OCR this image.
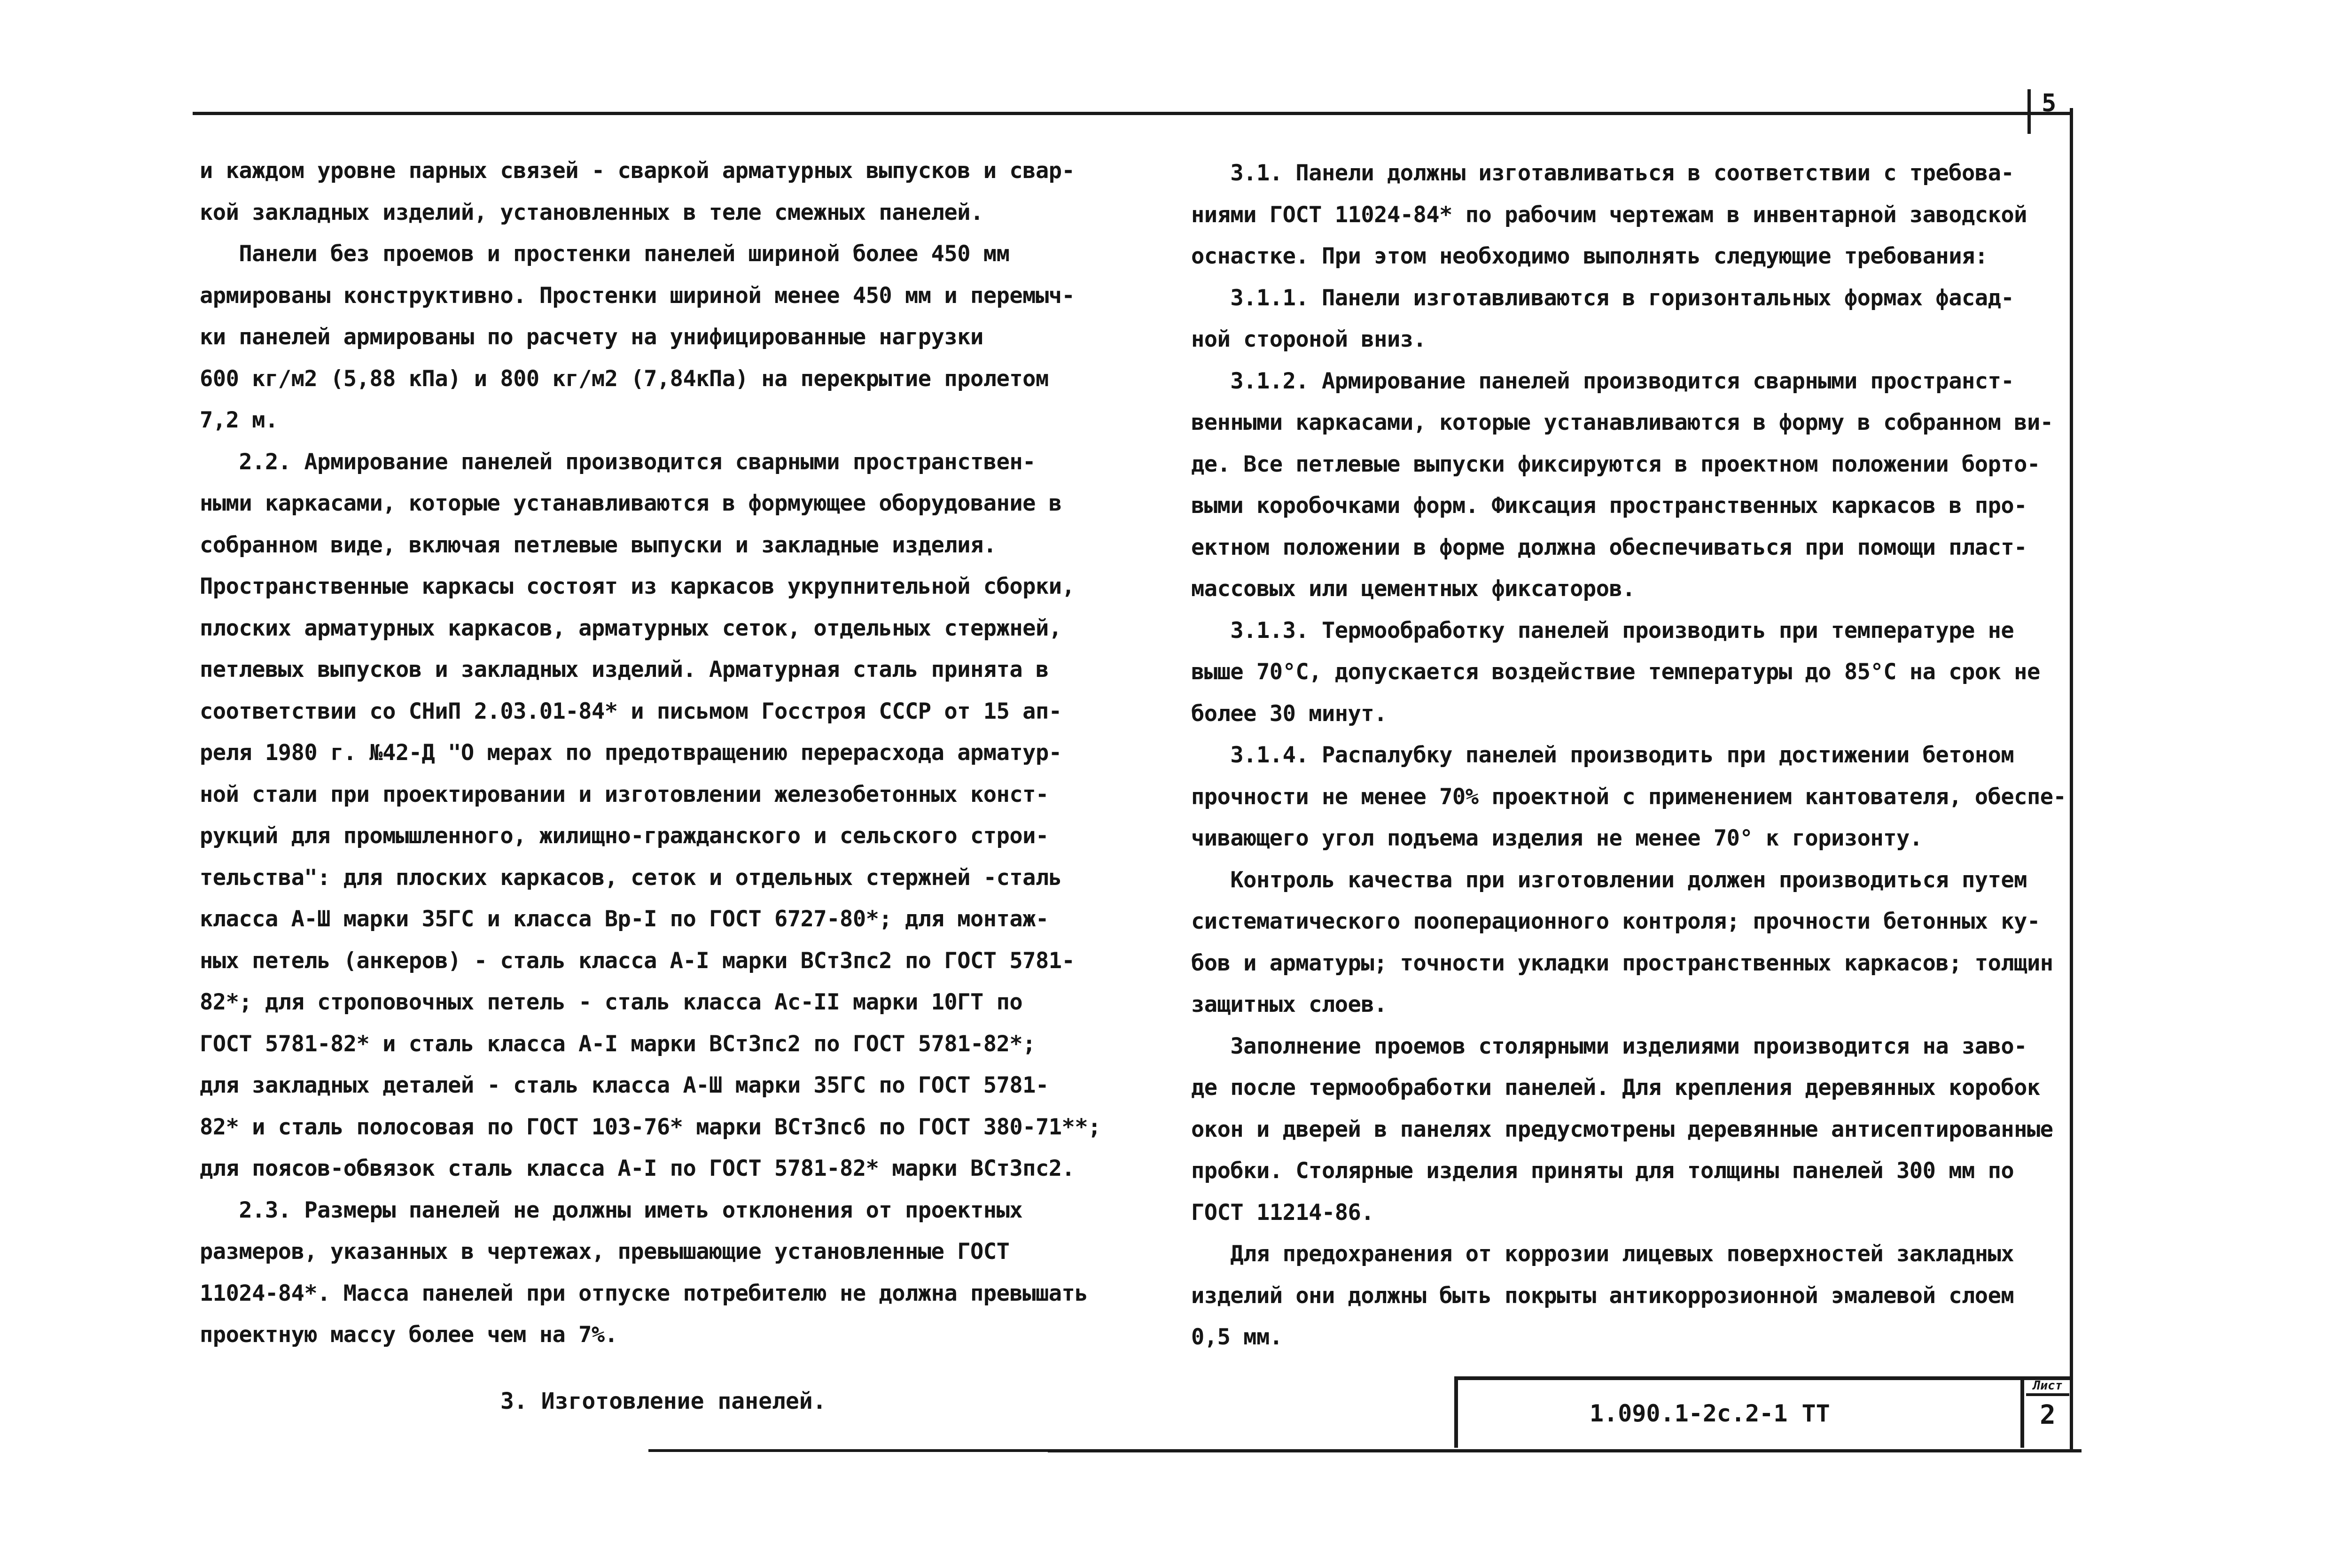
5

и каждом уровне парных связей - сваркой арматурных выпусков и свар-

кой закладных изделий, установленных в теле смежных панелей.

Панели без проемов и простенки панелей шириной более 450 мм

армированы конструктивно. Простенки шириной менее 450 мм и перемыч-

ки панелей армированы по расчету на унифицированные нагрузки

600 кг/м2 (5,88 кПа) и 800 кг/м2 (7,84кПа) на перекрытие пролетом

7,2 м.

2.2. Армирование панелей производится сварными пространствен-

ными каркасами, которые устанавливаются в формующее оборудование в

собранном виде, включая петлевые выпуски и закладные изделия.

Пространственные каркасы состоят из каркасов укрупнительной сборки,

плоских арматурных каркасов, арматурных сеток, отдельных стержней,

петлевых выпусков и закладных изделий. Арматурная сталь принята в

соответствии со СНиП 2.03.01-84* и письмом Госстроя СССР от 15 ап-

реля 1980 г. №42-Д "О мерах по предотвращению перерасхода арматур-

ной стали при проектировании и изготовлении железобетонных конст-

рукций для промышленного, жилищно-гражданского и сельского строи-

тельства": для плоских каркасов, сеток и отдельных стержней -сталь

класса А-Ш марки 35ГС и класса Вр-I по ГОСТ 6727-80*; для монтаж-

ных петель (анкеров) - сталь класса А-I марки ВСт3пс2 по ГОСТ 5781-

82*; для строповочных петель - сталь класса Ас-II марки 10ГТ по

ГОСТ 5781-82* и сталь класса А-I марки ВСт3пс2 по ГОСТ 5781-82*;

для закладных деталей - сталь класса А-Ш марки 35ГС по ГОСТ 5781-

82* и сталь полосовая по ГОСТ 103-76* марки ВСт3пс6 по ГОСТ 380-71**;

для поясов-обвязок сталь класса А-I по ГОСТ 5781-82* марки ВСт3пс2.

2.3. Размеры панелей не должны иметь отклонения от проектных

размеров, указанных в чертежах, превышающие установленные ГОСТ

11024-84*. Масса панелей при отпуске потребителю не должна превышать

проектную массу более чем на 7%.

3. Изготовление панелей.

3.1. Панели должны изготавливаться в соответствии с требова-

ниями ГОСТ 11024-84* по рабочим чертежам в инвентарной заводской

оснастке. При этом необходимо выполнять следующие требования:

3.1.1. Панели изготавливаются в горизонтальных формах фасад-

ной стороной вниз.

3.1.2. Армирование панелей производится сварными пространст-

венными каркасами, которые устанавливаются в форму в собранном ви-

де. Все петлевые выпуски фиксируются в проектном положении борто-

выми коробочками форм. Фиксация пространственных каркасов в про-

ектном положении в форме должна обеспечиваться при помощи пласт-

массовых или цементных фиксаторов.

3.1.3. Термообработку панелей производить при температуре не

выше 70°С, допускается воздействие температуры до 85°С на срок не

более 30 минут.

3.1.4. Распалубку панелей производить при достижении бетоном

прочности не менее 70% проектной с применением кантователя, обеспе-

чивающего угол подъема изделия не менее 70° к горизонту.

Контроль качества при изготовлении должен производиться путем

систематического пооперационного контроля; прочности бетонных ку-

бов и арматуры; точности укладки пространственных каркасов; толщин

защитных слоев.

Заполнение проемов столярными изделиями производится на заво-

де после термообработки панелей. Для крепления деревянных коробок

окон и дверей в панелях предусмотрены деревянные антисептированные

пробки. Столярные изделия приняты для толщины панелей 300 мм по

ГОСТ 11214-86.

Для предохранения от коррозии лицевых поверхностей закладных

изделий они должны быть покрыты антикоррозионной эмалевой слоем

0,5 мм.

1.090.1-2с.2-1 ТТ
Лист
2
